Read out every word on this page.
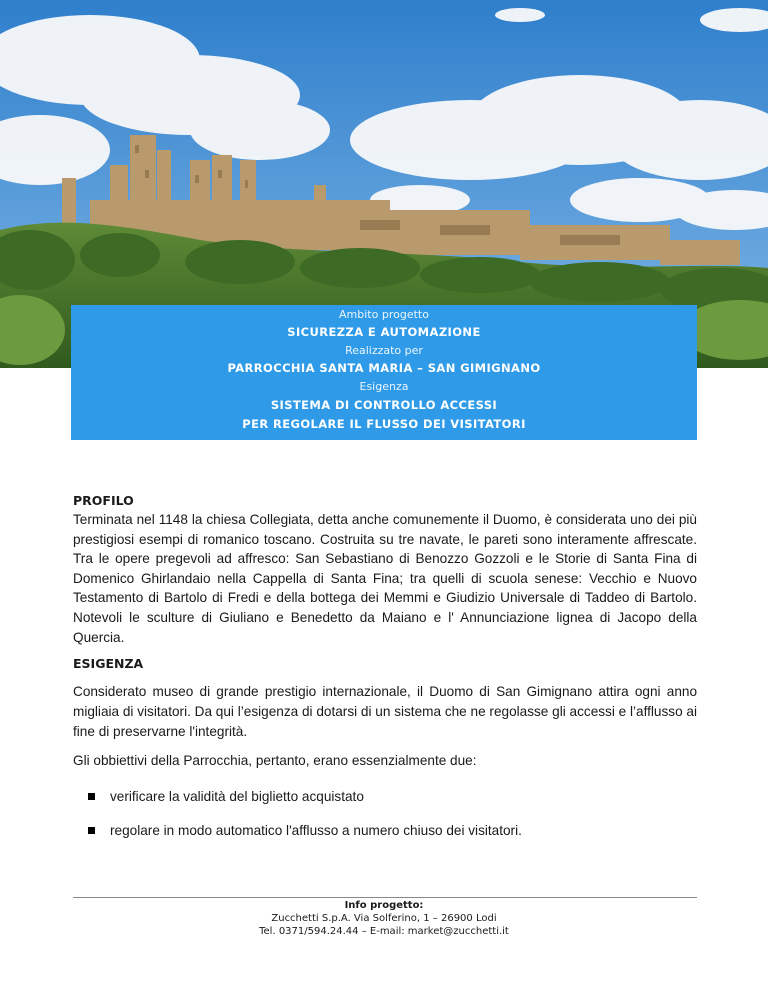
Ambito progetto
SICUREZZA E AUTOMAZIONE
Realizzato per
PARROCCHIA SANTA MARIA – SAN GIMIGNANO
Esigenza
SISTEMA DI CONTROLLO ACCESSI
PER REGOLARE IL FLUSSO DEI VISITATORI
PROFILO

Terminata nel 1148 la chiesa Collegiata, detta anche comunemente il Duomo, è considerata uno dei più prestigiosi esempi di romanico toscano. Costruita su tre navate, le pareti sono interamente affrescate. Tra le opere pregevoli ad affresco: San Sebastiano di Benozzo Gozzoli e le Storie di Santa Fina di Domenico Ghirlandaio nella Cappella di Santa Fina; tra quelli di scuola senese: Vecchio e Nuovo Testamento di Bartolo di Fredi e della bottega dei Memmi e Giudizio Universale di Taddeo di Bartolo. Notevoli le sculture di Giuliano e Benedetto da Maiano e l' Annunciazione lignea di Jacopo della Quercia.

ESIGENZA

Considerato museo di grande prestigio internazionale, il Duomo di San Gimignano attira ogni anno migliaia di visitatori. Da qui l’esigenza di dotarsi di un sistema che ne regolasse gli accessi e l’afflusso ai fine di preservarne l'integrità.

Gli obbiettivi della Parrocchia, pertanto, erano essenzialmente due:

verificare la validità del biglietto acquistato
regolare in modo automatico l'afflusso a numero chiuso dei visitatori.
Info progetto:
Zucchetti S.p.A. Via Solferino, 1 – 26900 Lodi
Tel. 0371/594.24.44 – E-mail: market@zucchetti.it
